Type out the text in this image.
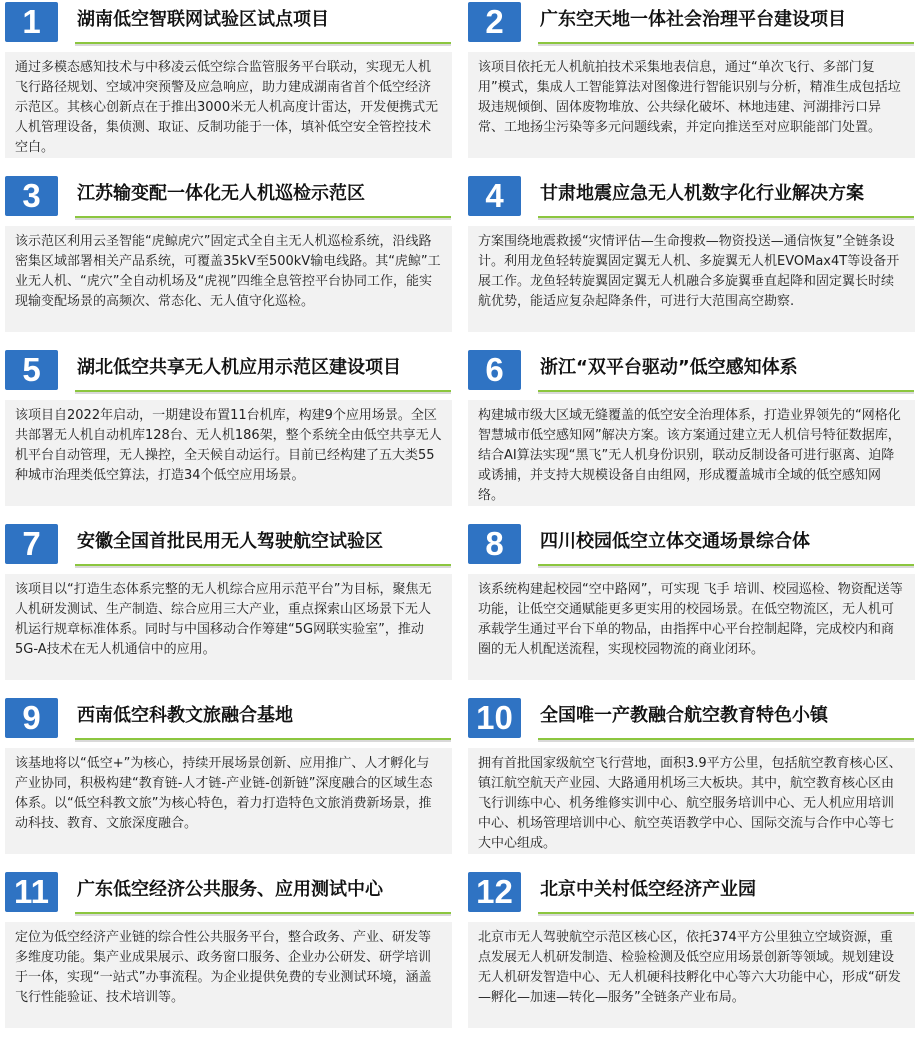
1	湖南低空智联网试验区试点项目
通过多模态感知技术与中移凌云低空综合监管服务平台联动，实现无人机飞行路径规划、空域冲突预警及应急响应，助力建成湖南省首个低空经济示范区。其核心创新点在于推出3000米无人机高度计雷达，开发便携式无人机管理设备，集侦测、取证、反制功能于一体，填补低空安全管控技术空白。
2	广东空天地一体社会治理平台建设项目
该项目依托无人机航拍技术采集地表信息，通过“单次飞行、多部门复用”模式，集成人工智能算法对图像进行智能识别与分析，精准生成包括垃圾违规倾倒、固体废物堆放、公共绿化破坏、林地违建、河湖排污口异常、工地扬尘污染等多元问题线索，并定向推送至对应职能部门处置。
3	江苏输变配一体化无人机巡检示范区
该示范区利用云圣智能“虎鲸虎穴”固定式全自主无人机巡检系统，沿线路密集区域部署相关产品系统，可覆盖35kV至500kV输电线路。其“虎鲸”工业无人机、“虎穴”全自动机场及“虎视”四维全息管控平台协同工作，能实现输变配场景的高频次、常态化、无人值守化巡检。
4	甘肃地震应急无人机数字化行业解决方案
方案围绕地震救援“灾情评估—生命搜救—物资投送—通信恢复”全链条设计。利用龙鱼轻转旋翼固定翼无人机、多旋翼无人机EVOMax4T等设备开展工作。龙鱼轻转旋翼固定翼无人机融合多旋翼垂直起降和固定翼长时续航优势，能适应复杂起降条件，可进行大范围高空勘察.
5	湖北低空共享无人机应用示范区建设项目
该项目自2022年启动，一期建设布置11台机库，构建9个应用场景。全区共部署无人机自动机库128台、无人机186架，整个系统全由低空共享无人机平台自动管理，无人操控，全天候自动运行。目前已经构建了五大类55种城市治理类低空算法，打造34个低空应用场景。
6	浙江“双平台驱动”低空感知体系
构建城市级大区域无缝覆盖的低空安全治理体系，打造业界领先的“网格化智慧城市低空感知网”解决方案。该方案通过建立无人机信号特征数据库，结合AI算法实现“黑飞”无人机身份识别，联动反制设备可进行驱离、迫降或诱捕，并支持大规模设备自由组网，形成覆盖城市全域的低空感知网络。
7	安徽全国首批民用无人驾驶航空试验区
该项目以“打造生态体系完整的无人机综合应用示范平台”为目标，聚焦无人机研发测试、生产制造、综合应用三大产业，重点探索山区场景下无人机运行规章标准体系。同时与中国移动合作筹建“5G网联实验室”，推动5G-A技术在无人机通信中的应用。
8	四川校园低空立体交通场景综合体
该系统构建起校园“空中路网”，可实现 飞手 培训、校园巡检、物资配送等功能，让低空交通赋能更多更实用的校园场景。在低空物流区，无人机可承载学生通过平台下单的物品，由指挥中心平台控制起降，完成校内和商圈的无人机配送流程，实现校园物流的商业闭环。
9	西南低空科教文旅融合基地
该基地将以“低空+”为核心，持续开展场景创新、应用推广、人才孵化与产业协同，积极构建“教育链-人才链-产业链-创新链”深度融合的区域生态体系。以“低空科教文旅”为核心特色，着力打造特色文旅消费新场景，推动科技、教育、文旅深度融合。
10	全国唯一产教融合航空教育特色小镇
拥有首批国家级航空飞行营地，面积3.9平方公里，包括航空教育核心区、镇江航空航天产业园、大路通用机场三大板块。其中，航空教育核心区由飞行训练中心、机务维修实训中心、航空服务培训中心、无人机应用培训中心、机场管理培训中心、航空英语教学中心、国际交流与合作中心等七大中心组成。
11	广东低空经济公共服务、应用测试中心
定位为低空经济产业链的综合性公共服务平台，整合政务、产业、研发等多维度功能。集产业成果展示、政务窗口服务、企业办公研发、研学培训于一体，实现“一站式”办事流程。为企业提供免费的专业测试环境，涵盖飞行性能验证、技术培训等。
12	北京中关村低空经济产业园
北京市无人驾驶航空示范区核心区，依托374平方公里独立空域资源，重点发展无人机研发制造、检验检测及低空应用场景创新等领域。规划建设无人机研发智造中心、无人机硬科技孵化中心等六大功能中心，形成“研发—孵化—加速—转化—服务”全链条产业布局。
